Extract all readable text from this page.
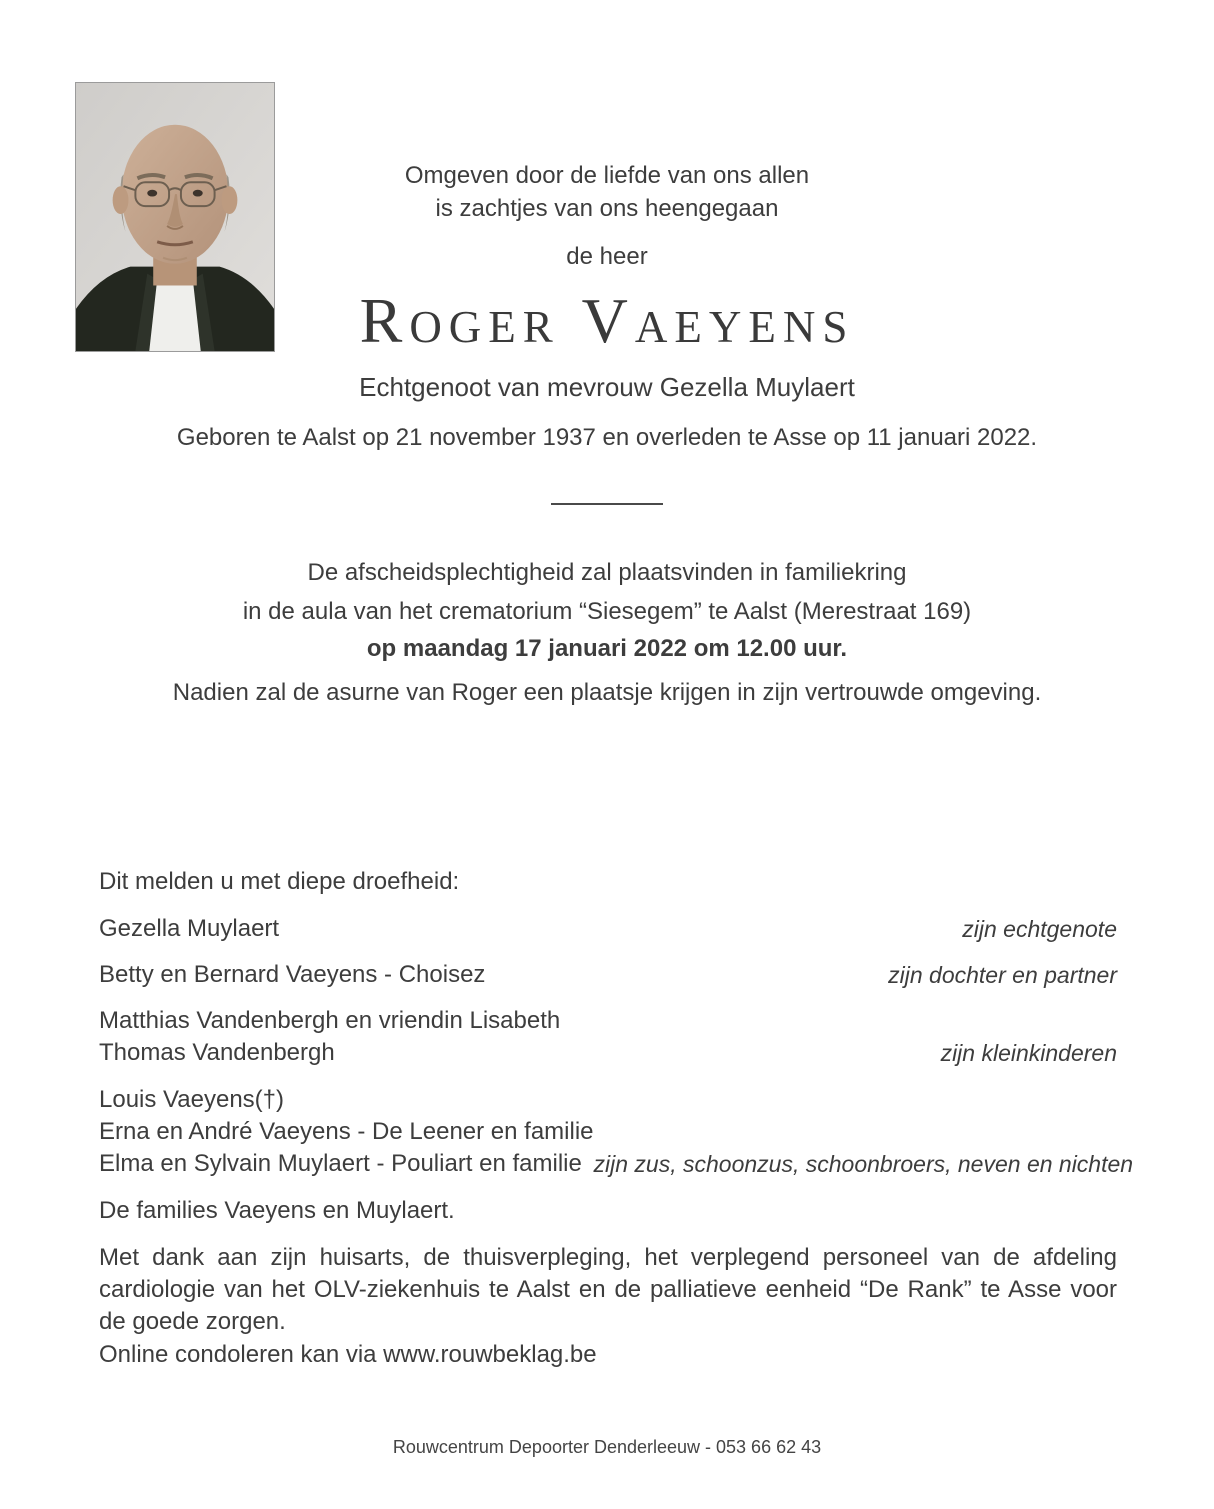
Omgeven door de liefde van ons allen
is zachtjes van ons heengegaan
de heer
Roger Vaeyens
Echtgenoot van mevrouw Gezella Muylaert
Geboren te Aalst op 21 november 1937 en overleden te Asse op 11 januari 2022.
De afscheidsplechtigheid zal plaatsvinden in familiekring
in de aula van het crematorium “Siesegem” te Aalst (Merestraat 169)
op maandag 17 januari 2022 om 12.00 uur.
Nadien zal de asurne van Roger een plaatsje krijgen in zijn vertrouwde omgeving.
Dit melden u met diepe droefheid:
Gezella Muylaert	zijn echtgenote
Betty en Bernard Vaeyens - Choisez	zijn dochter en partner
Matthias Vandenbergh en vriendin Lisabeth
Thomas Vandenbergh	zijn kleinkinderen
Louis Vaeyens(†)
Erna en André Vaeyens - De Leener en familie
Elma en Sylvain Muylaert - Pouliart en familie zijn zus, schoonzus, schoonbroers, neven en nichten
De families Vaeyens en Muylaert.
Met dank aan zijn huisarts, de thuisverpleging, het verplegend personeel van de afdeling cardiologie van het OLV-ziekenhuis te Aalst en de palliatieve eenheid “De Rank” te Asse voor de goede zorgen.
Online condoleren kan via www.rouwbeklag.be
Rouwcentrum Depoorter Denderleeuw - 053 66 62 43
